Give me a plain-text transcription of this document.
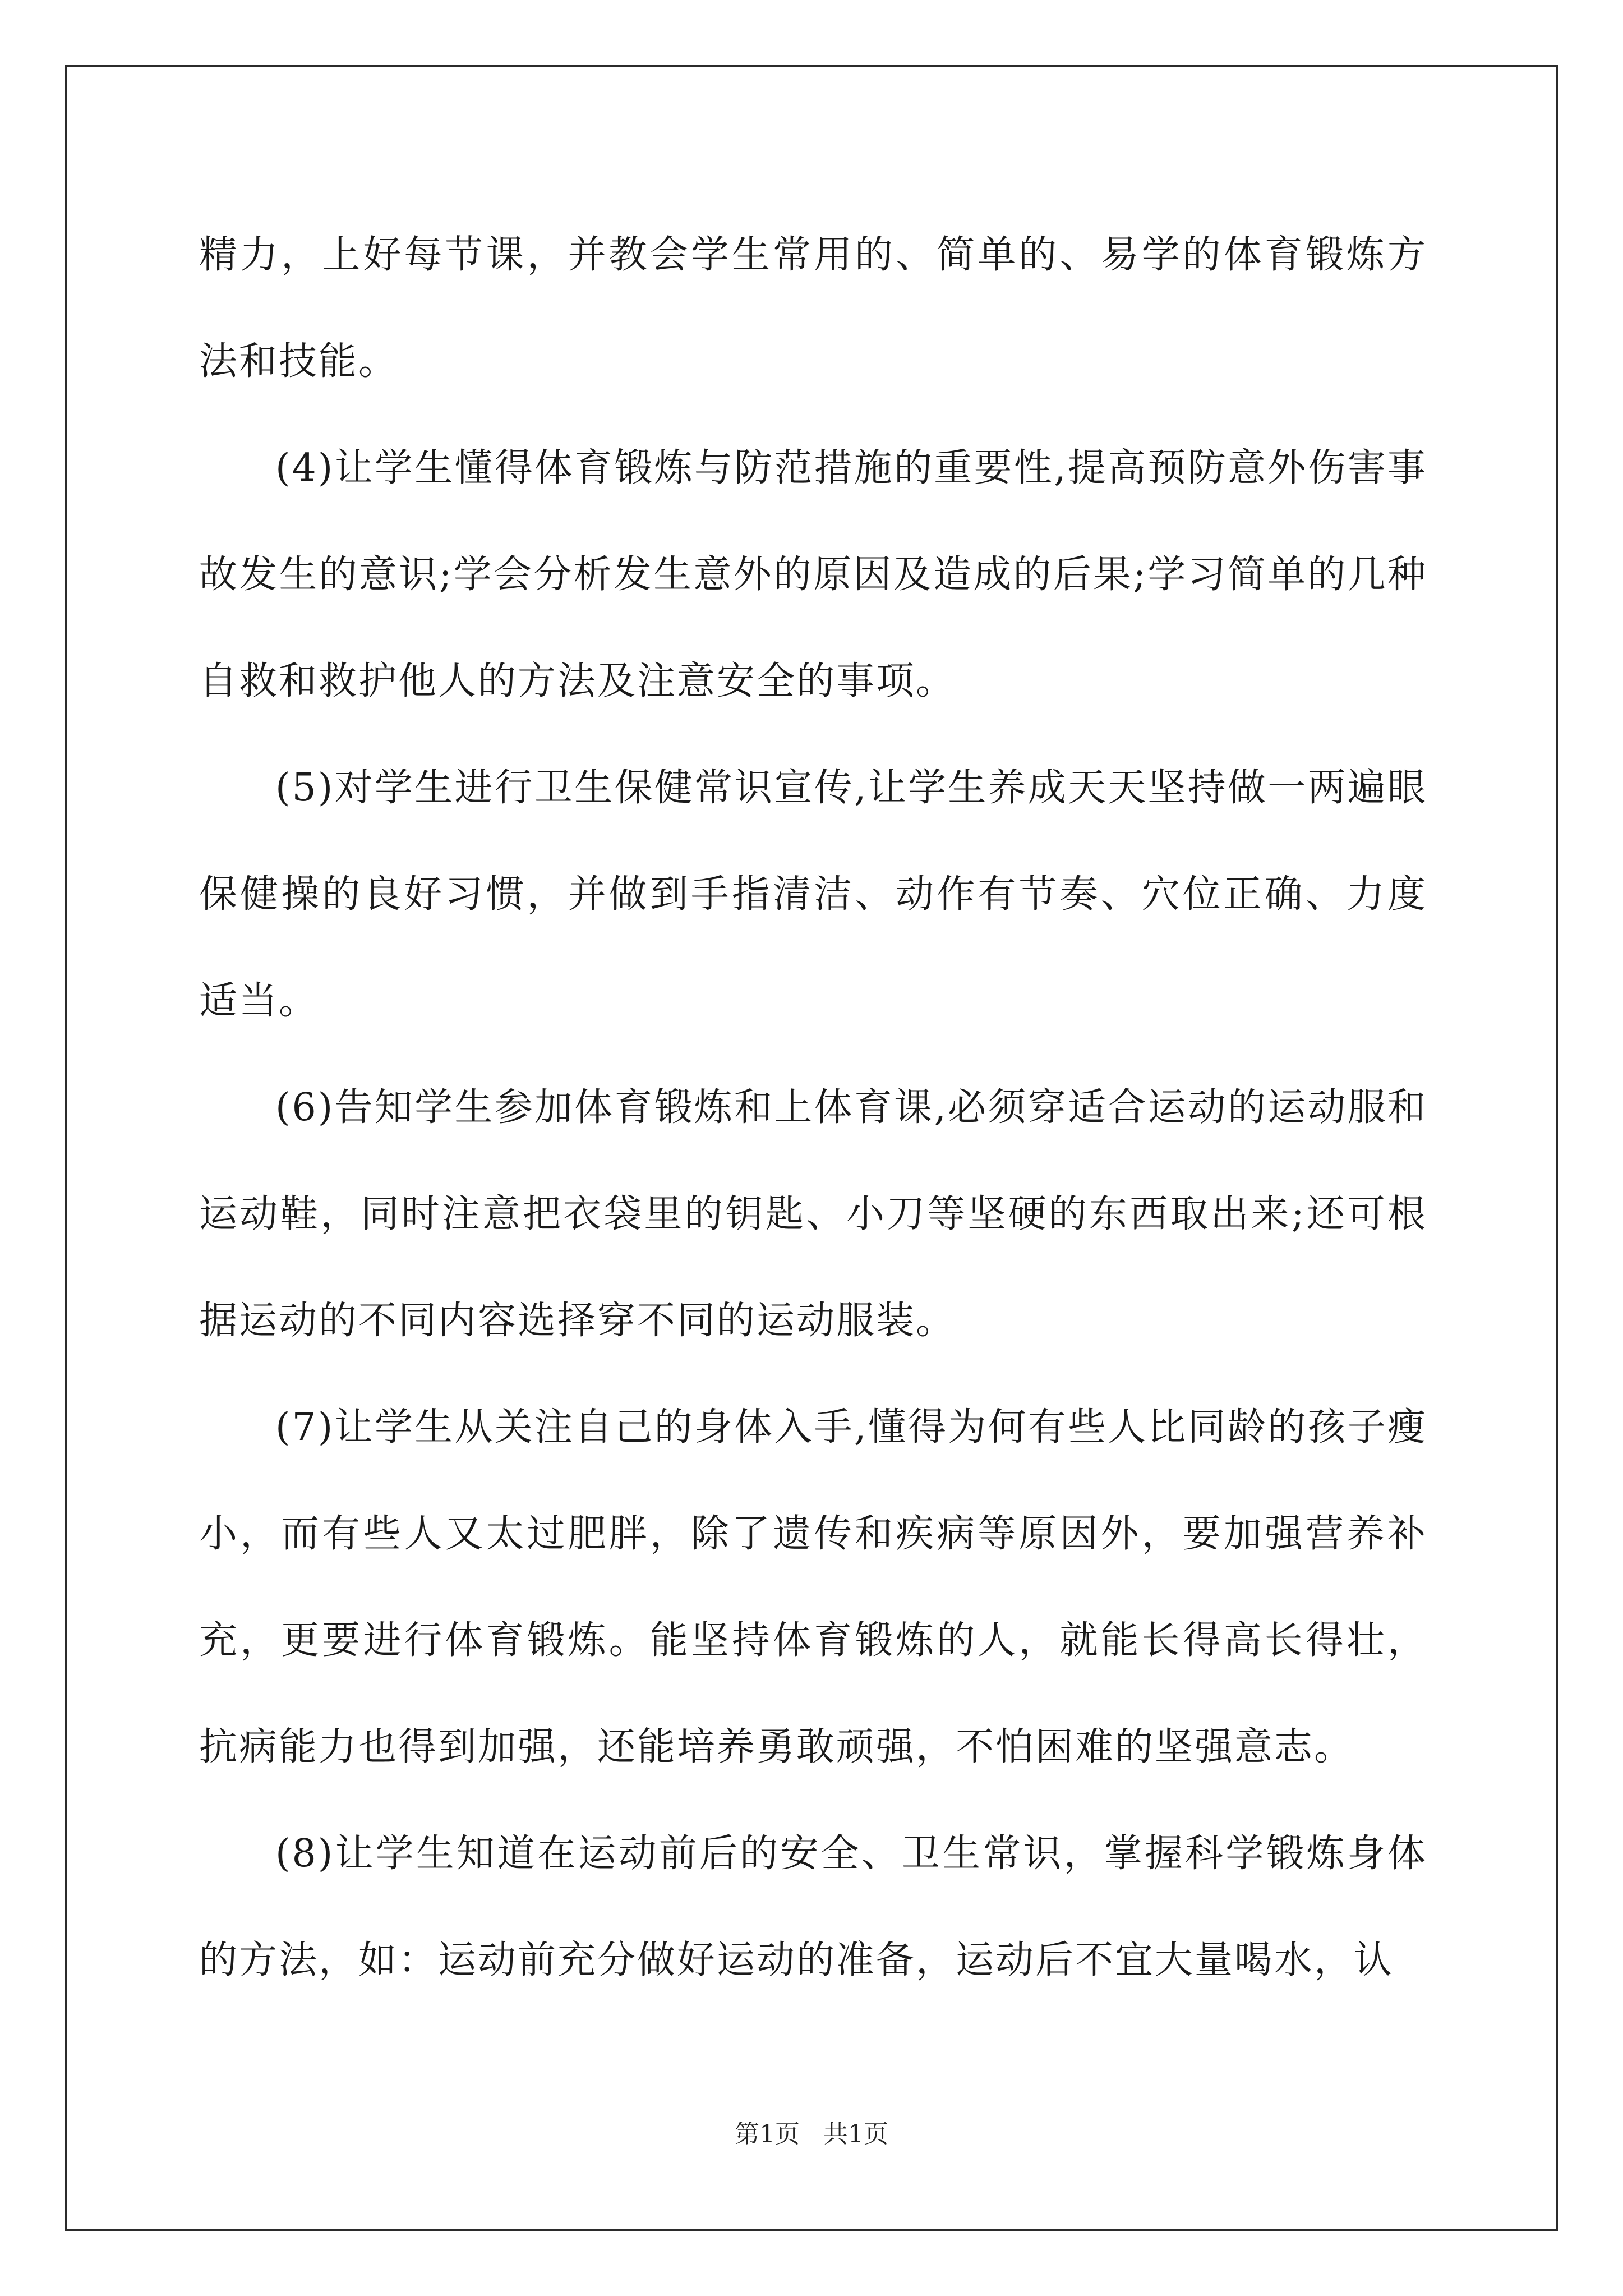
精力，上好每节课，并教会学生常用的、简单的、易学的体育锻炼方法和技能。

(4)让学生懂得体育锻炼与防范措施的重要性,提高预防意外伤害事故发生的意识;学会分析发生意外的原因及造成的后果;学习简单的几种自救和救护他人的方法及注意安全的事项。

(5)对学生进行卫生保健常识宣传,让学生养成天天坚持做一两遍眼保健操的良好习惯，并做到手指清洁、动作有节奏、穴位正确、力度适当。

(6)告知学生参加体育锻炼和上体育课,必须穿适合运动的运动服和运动鞋，同时注意把衣袋里的钥匙、小刀等坚硬的东西取出来;还可根据运动的不同内容选择穿不同的运动服装。

(7)让学生从关注自己的身体入手,懂得为何有些人比同龄的孩子瘦小，而有些人又太过肥胖，除了遗传和疾病等原因外，要加强营养补充，更要进行体育锻炼。能坚持体育锻炼的人，就能长得高长得壮，抗病能力也得到加强，还能培养勇敢顽强，不怕困难的坚强意志。

(8)让学生知道在运动前后的安全、卫生常识，掌握科学锻炼身体的方法，如：运动前充分做好运动的准备，运动后不宜大量喝水，认

第1页 共1页
